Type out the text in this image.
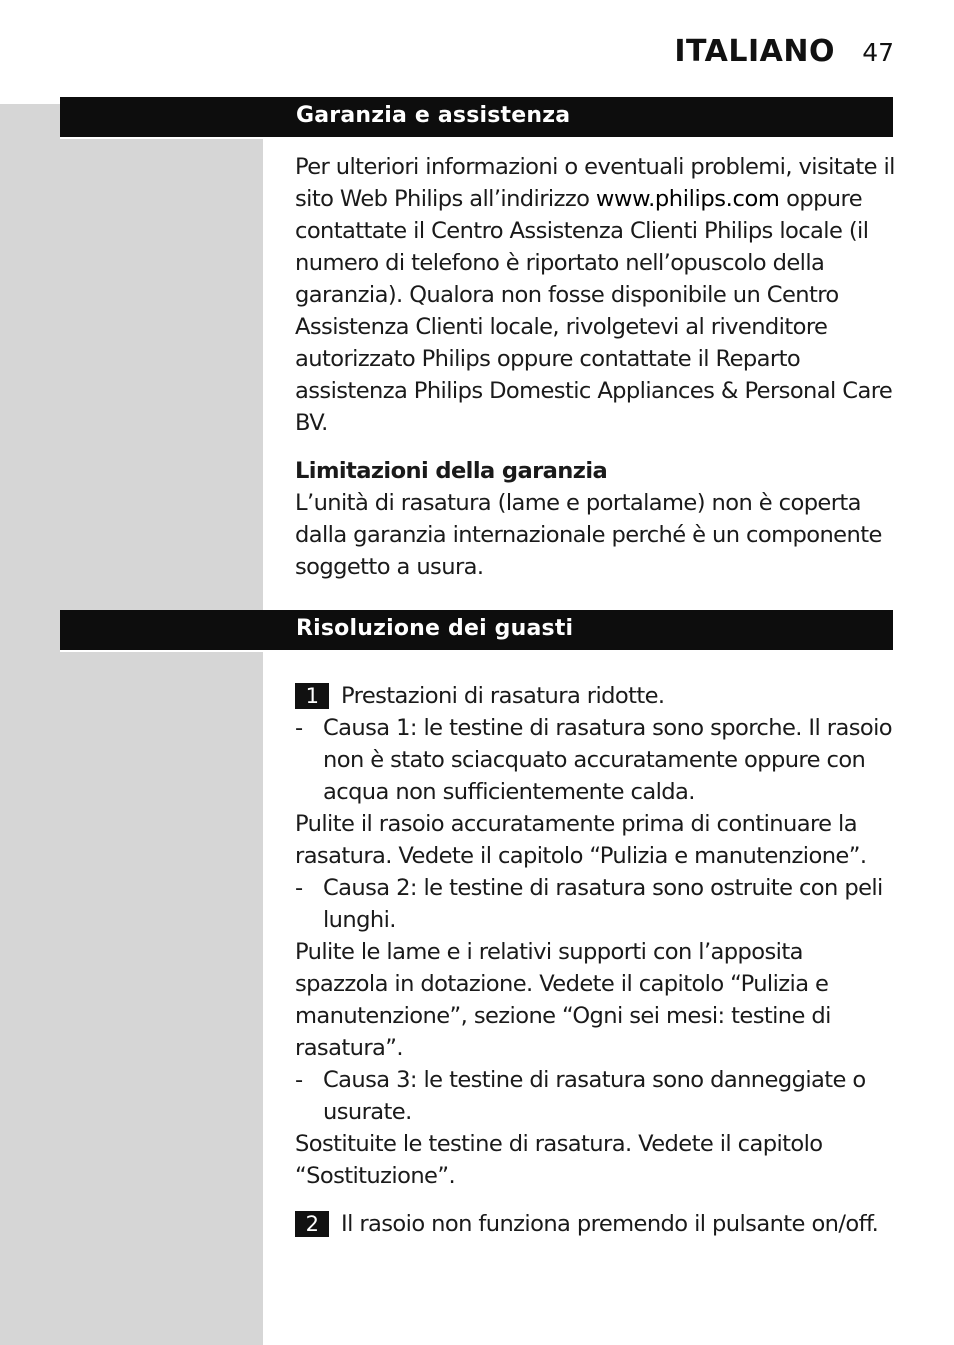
ITALIANO	47
Garanzia e assistenza

Per ulteriori informazioni o eventuali problemi, visitate il sito Web Philips all’indirizzo www.philips.com oppure contattate il Centro Assistenza Clienti Philips locale (il numero di telefono è riportato nell’opuscolo della garanzia). Qualora non fosse disponibile un Centro Assistenza Clienti locale, rivolgetevi al rivenditore autorizzato Philips oppure contattate il Reparto assistenza Philips Domestic Appliances & Personal Care BV.

Limitazioni della garanzia

L’unità di rasatura (lame e portalame) non è coperta dalla garanzia internazionale perché è un componente soggetto a usura.

Risoluzione dei guasti
1	Prestazioni di rasatura ridotte.
- Causa 1: le testine di rasatura sono sporche. Il rasoio non è stato sciacquato accuratamente oppure con acqua non sufficientemente calda.

Pulite il rasoio accuratamente prima di continuare la rasatura. Vedete il capitolo “Pulizia e manutenzione”.

- Causa 2: le testine di rasatura sono ostruite con peli lunghi.

Pulite le lame e i relativi supporti con l’apposita spazzola in dotazione. Vedete il capitolo “Pulizia e manutenzione”, sezione “Ogni sei mesi: testine di rasatura”.

- Causa 3: le testine di rasatura sono danneggiate o usurate.

Sostituite le testine di rasatura. Vedete il capitolo “Sostituzione”.

2	Il rasoio non funziona premendo il pulsante on/off.
